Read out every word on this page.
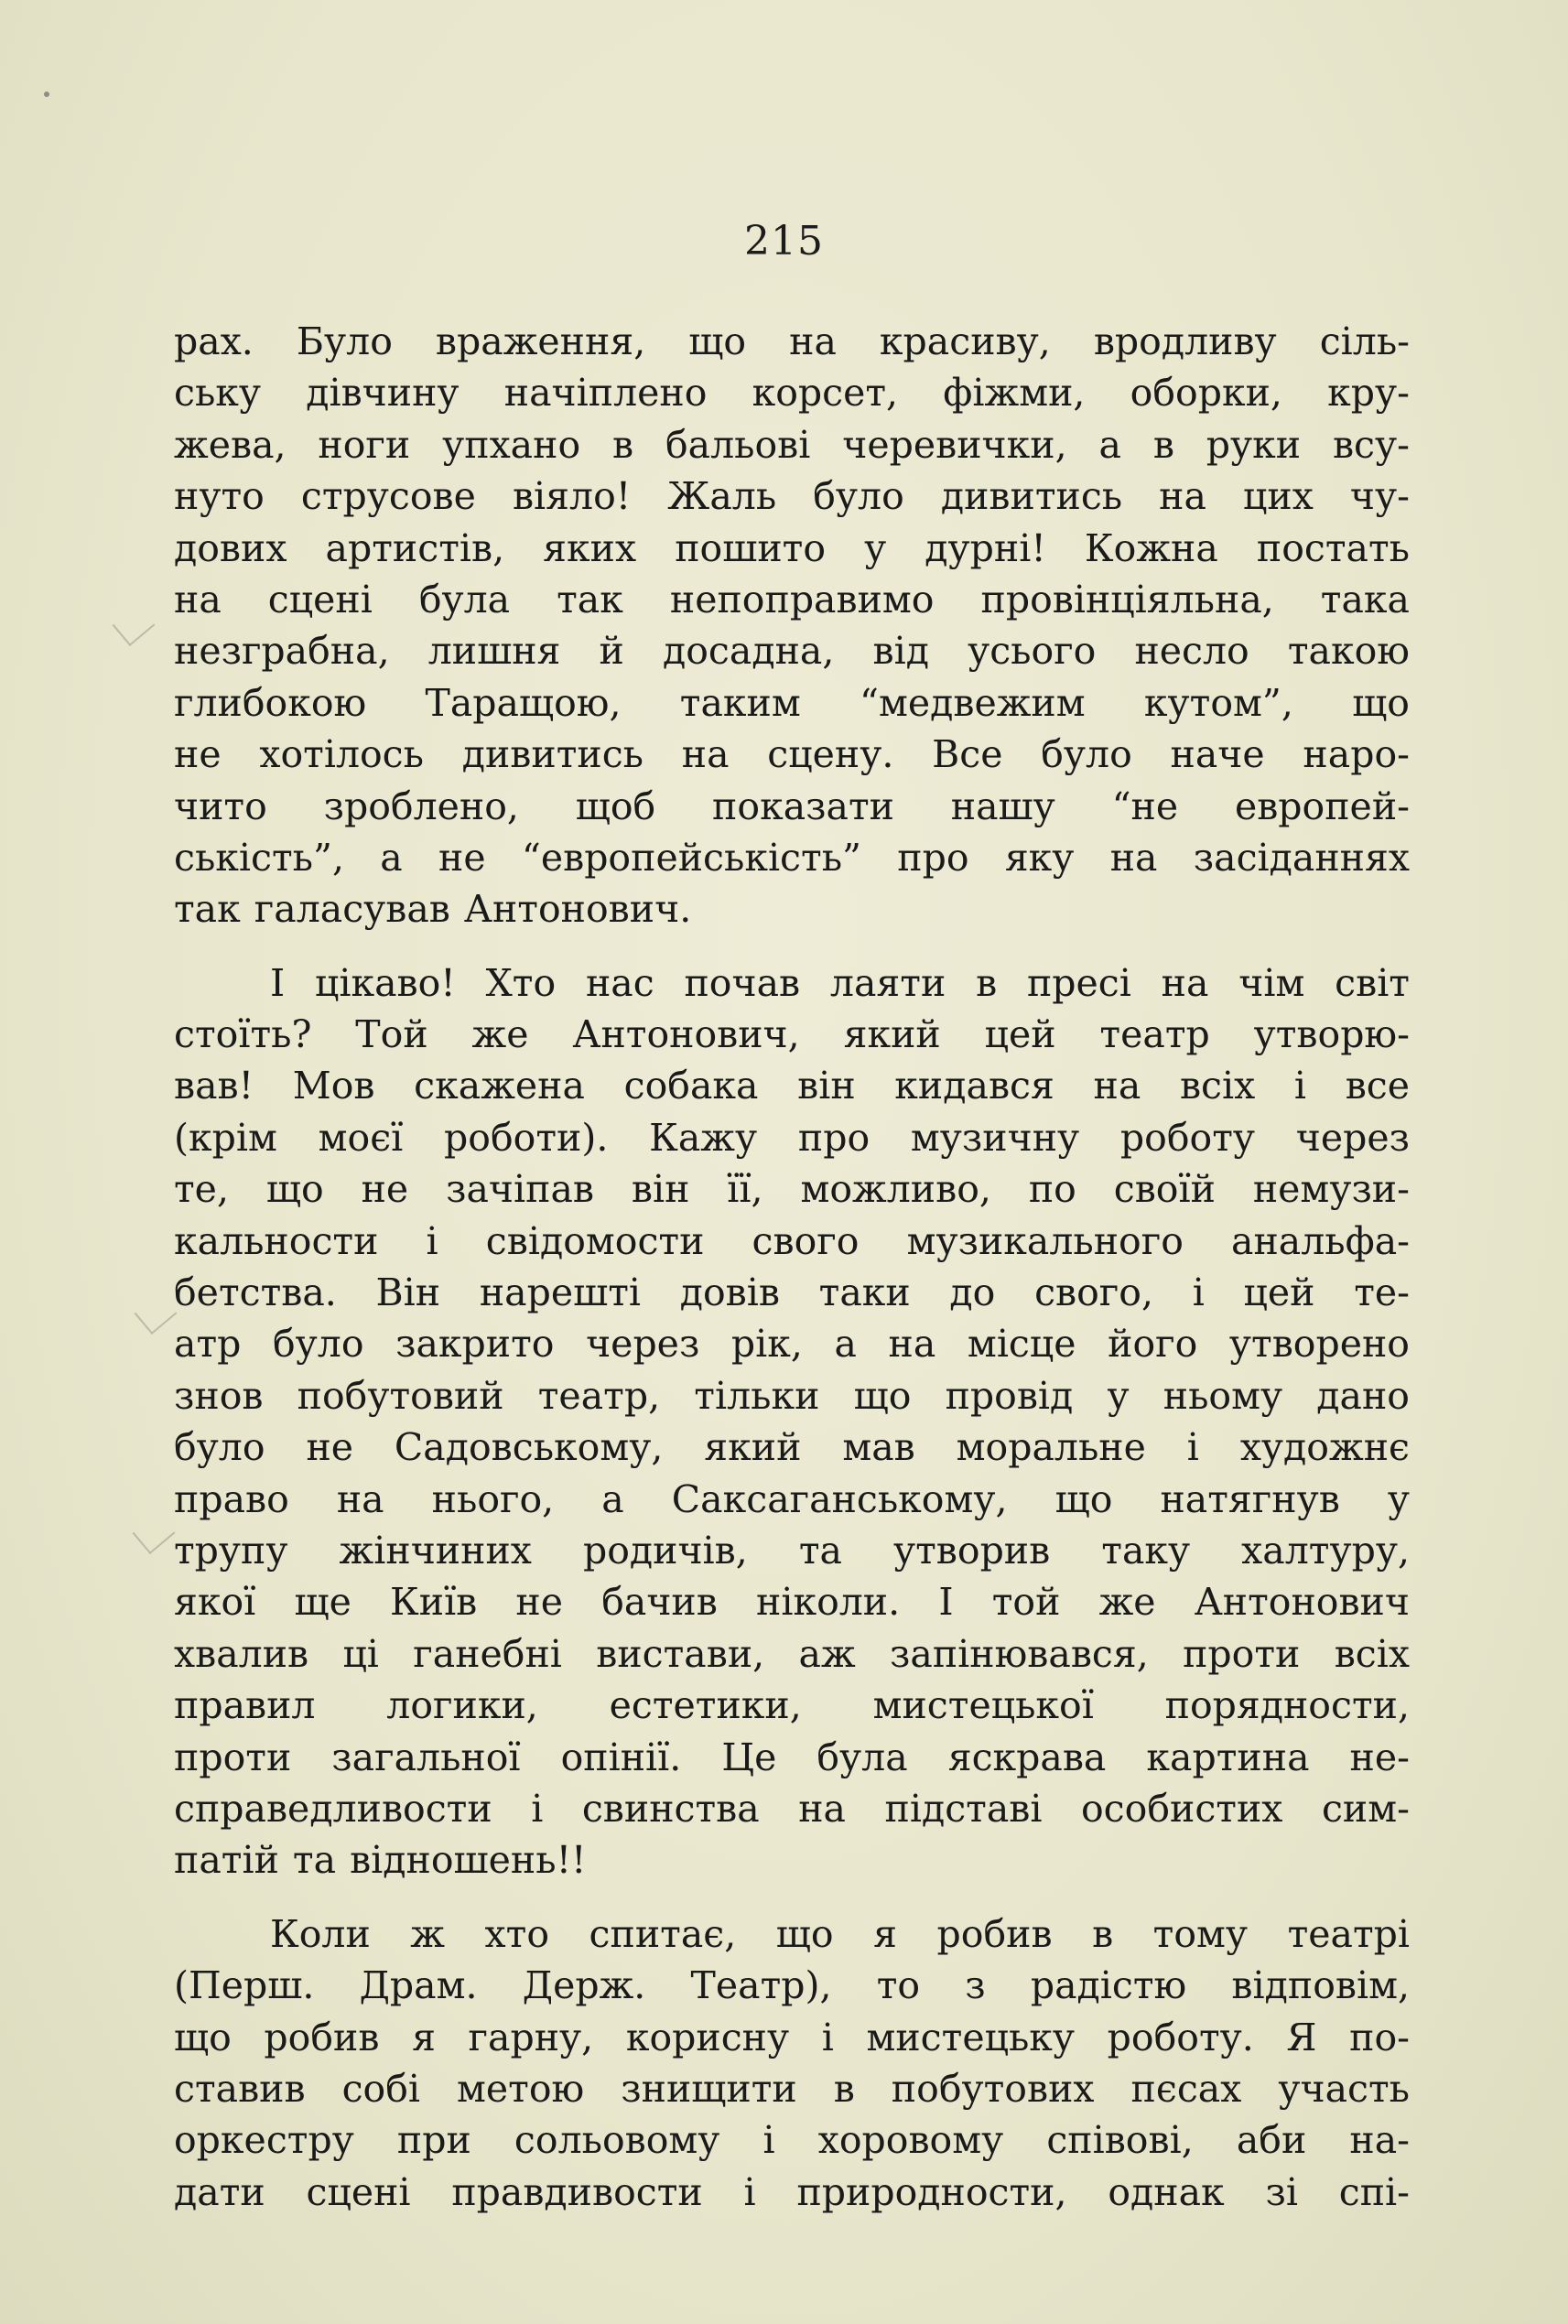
215
рах. Було враження, що на красиву, вродливу сіль-
ську дівчину начіплено корсет, фіжми, оборки, кру-
жева, ноги упхано в бальові черевички, а в руки всу-
нуто струсове віяло! Жаль було дивитись на цих чу-
дових артистів, яких пошито у дурні! Кожна постать
на сцені була так непоправимо провінціяльна, така
незграбна, лишня й досадна, від усього несло такою
глибокою Таращою, таким “медвежим кутом”, що
не хотілось дивитись на сцену. Все було наче наро-
чито зроблено, щоб показати нашу “не европей-
ськість”, а не “европейськість” про яку на засіданнях
так галасував Антонович.
І цікаво! Хто нас почав лаяти в пресі на чім світ
стоїть? Той же Антонович, який цей театр утворю-
вав! Мов скажена собака він кидався на всіх і все
(крім моєї роботи). Кажу про музичну роботу через
те, що не зачіпав він її, можливо, по своїй немузи-
кальности і свідомости свого музикального анальфа-
бетства. Він нарешті довів таки до свого, і цей те-
атр було закрито через рік, а на місце його утворено
знов побутовий театр, тільки що провід у ньому дано
було не Садовському, який мав моральне і художнє
право на нього, а Саксаганському, що натягнув у
трупу жінчиних родичів, та утворив таку халтуру,
якої ще Київ не бачив ніколи. І той же Антонович
хвалив ці ганебні вистави, аж запінювався, проти всіх
правил логики, естетики, мистецької порядности,
проти загальної опінії. Це була яскрава картина не-
справедливости і свинства на підставі особистих сим-
патій та відношень!!
Коли ж хто спитає, що я робив в тому театрі
(Перш. Драм. Держ. Театр), то з радістю відповім,
що робив я гарну, корисну і мистецьку роботу. Я по-
ставив собі метою знищити в побутових пєсах участь
оркестру при сольовому і хоровому співові, аби на-
дати сцені правдивости і природности, однак зі спі-
